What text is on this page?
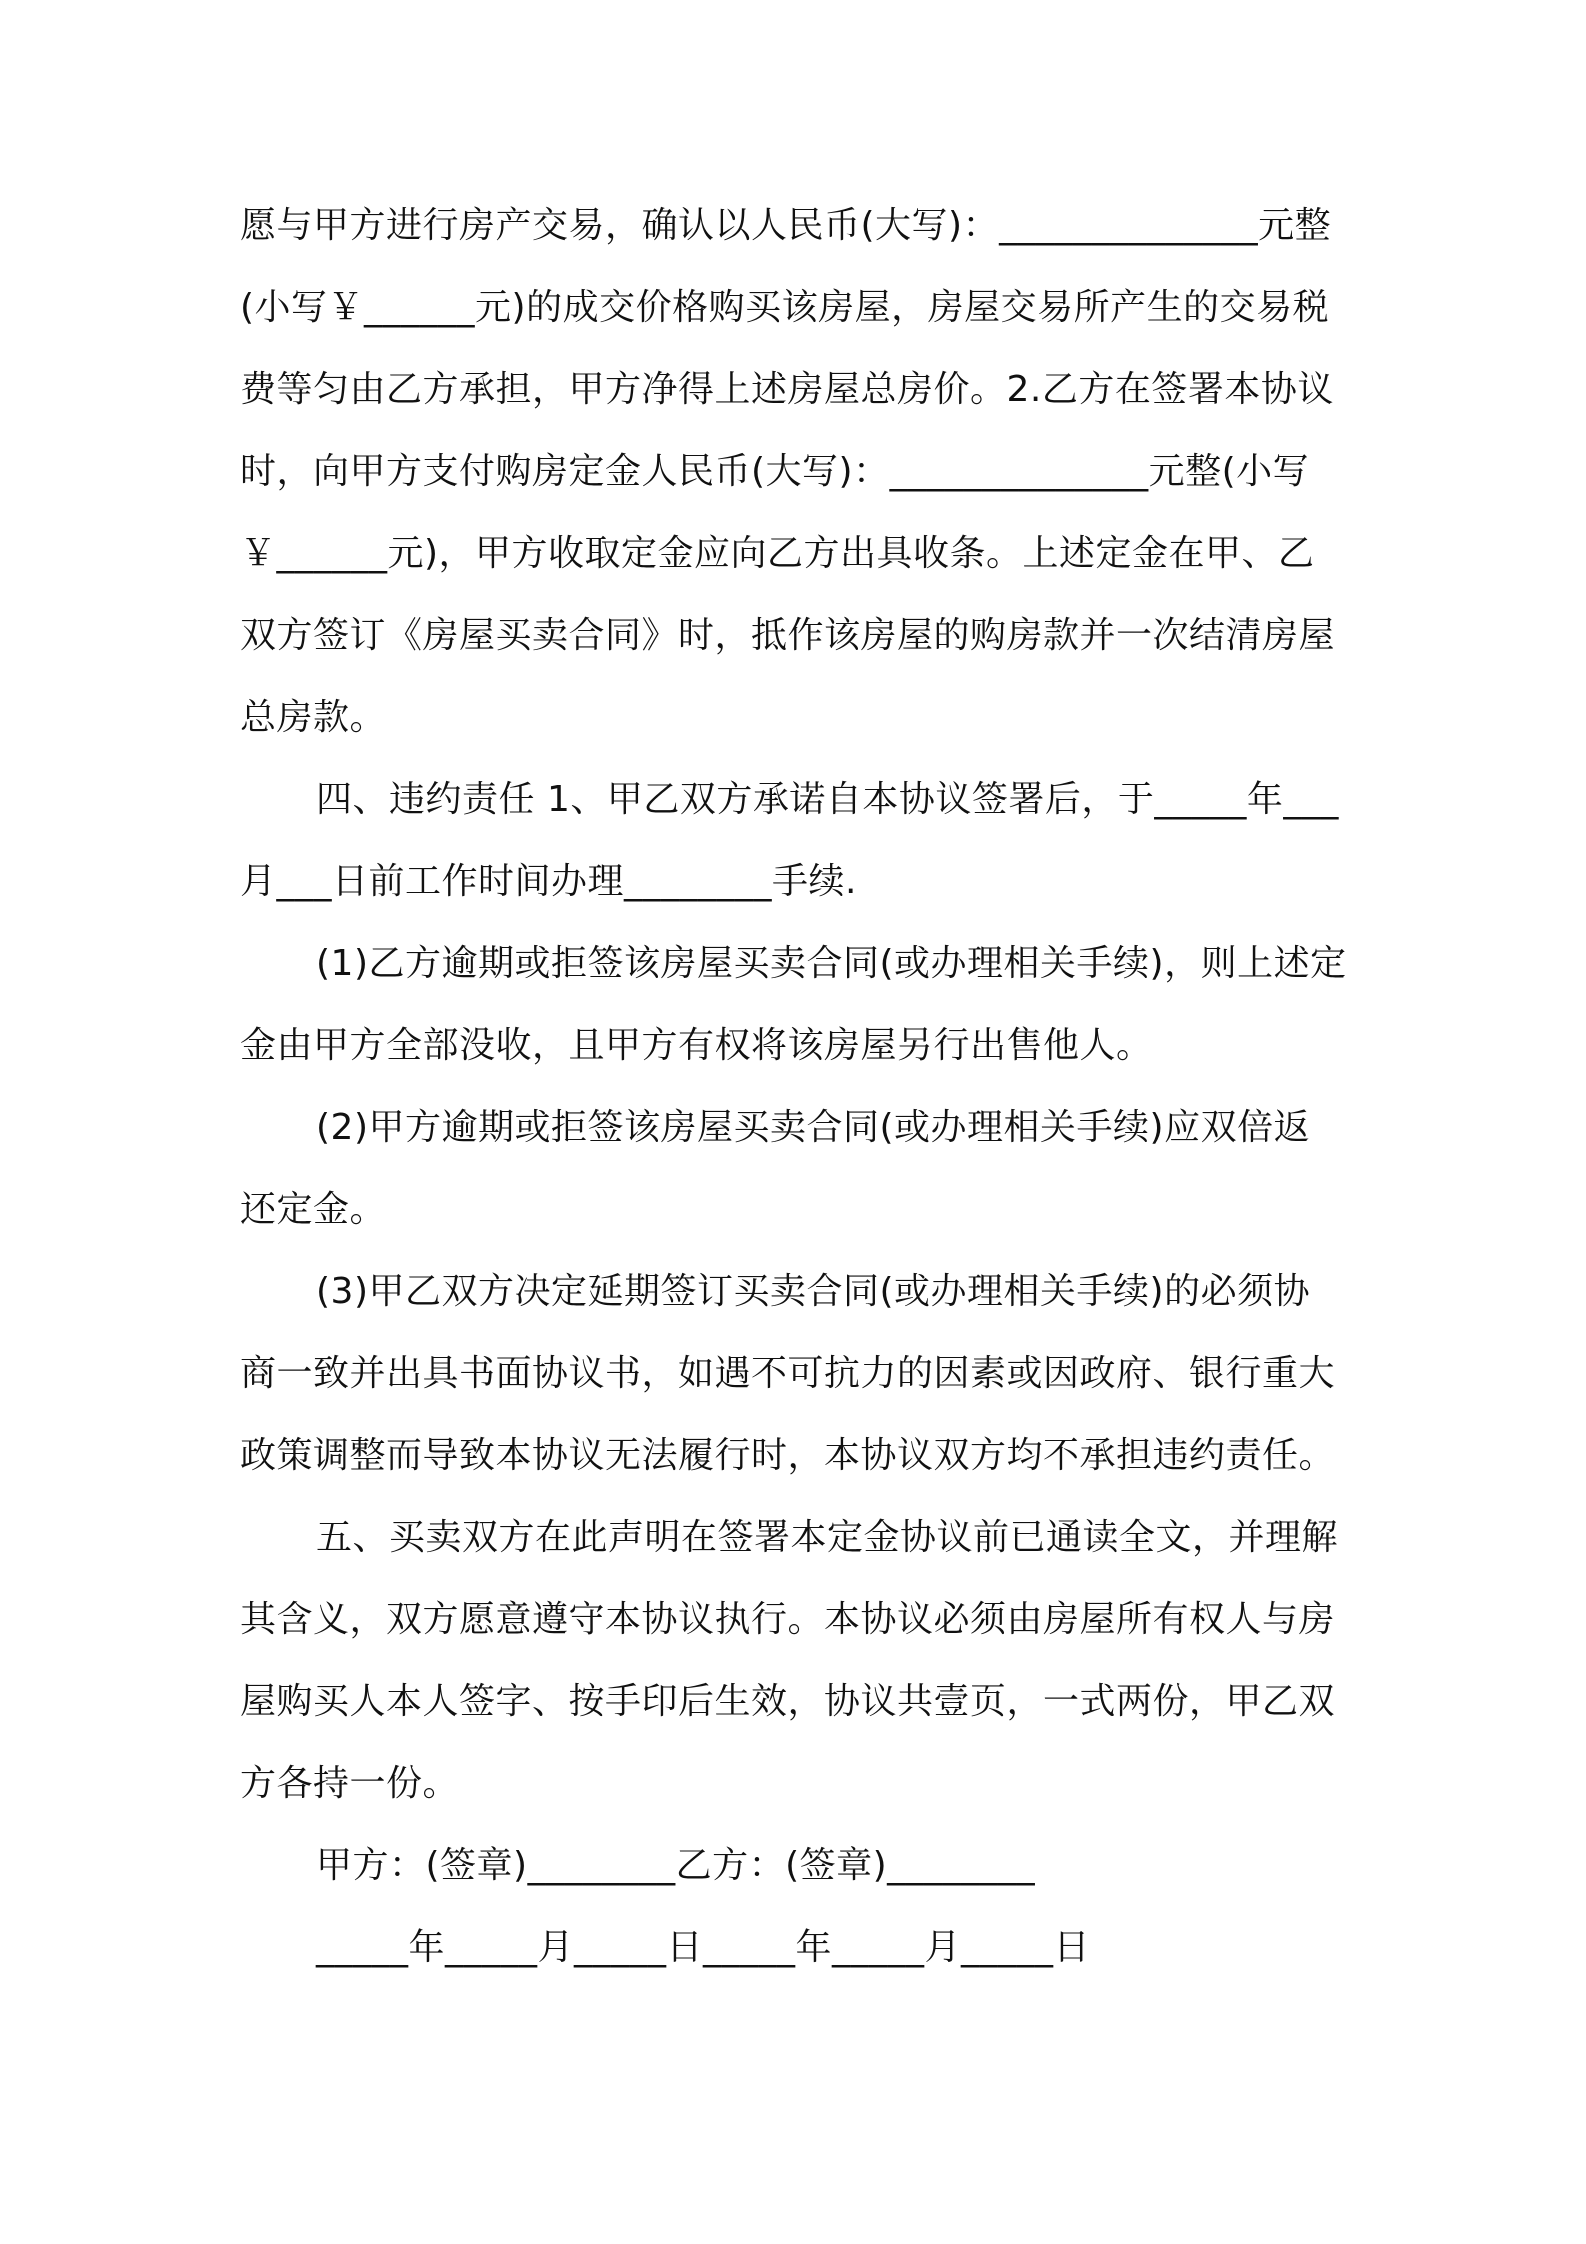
愿与甲方进行房产交易，确认以人民币(大写)：______________元整
(小写￥______元)的成交价格购买该房屋，房屋交易所产生的交易税
费等匀由乙方承担，甲方净得上述房屋总房价。2.乙方在签署本协议
时，向甲方支付购房定金人民币(大写)：______________元整(小写
￥______元)，甲方收取定金应向乙方出具收条。上述定金在甲、乙
双方签订《房屋买卖合同》时，抵作该房屋的购房款并一次结清房屋
总房款。
四、违约责任 1、甲乙双方承诺自本协议签署后，于_____年___
月___日前工作时间办理________手续.
(1)乙方逾期或拒签该房屋买卖合同(或办理相关手续)，则上述定
金由甲方全部没收，且甲方有权将该房屋另行出售他人。
(2)甲方逾期或拒签该房屋买卖合同(或办理相关手续)应双倍返
还定金。
(3)甲乙双方决定延期签订买卖合同(或办理相关手续)的必须协
商一致并出具书面协议书，如遇不可抗力的因素或因政府、银行重大
政策调整而导致本协议无法履行时，本协议双方均不承担违约责任。
五、买卖双方在此声明在签署本定金协议前已通读全文，并理解
其含义，双方愿意遵守本协议执行。本协议必须由房屋所有权人与房
屋购买人本人签字、按手印后生效，协议共壹页，一式两份，甲乙双
方各持一份。
甲方：(签章)________乙方：(签章)________
_____年_____月_____日_____年_____月_____日
